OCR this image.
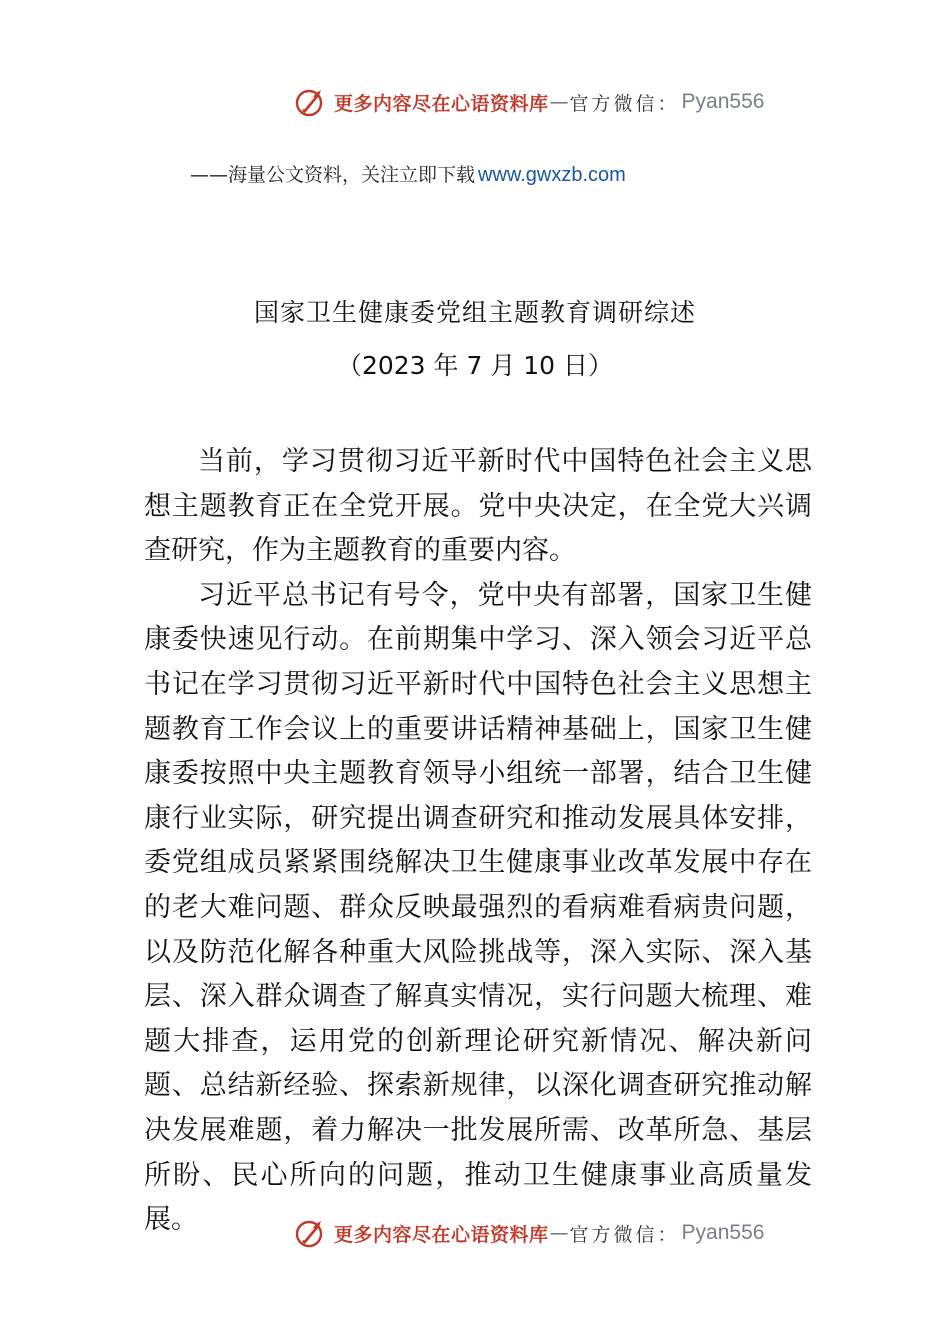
更多内容尽在心语资料库 — 官方微信： Pyan556
——海量公文资料，关注立即下载 www.gwxzb.com
国家卫生健康委党组主题教育调研综述
（2023 年 7 月 10 日）

当前，学习贯彻习近平新时代中国特色社会主义思想主题教育正在全党开展。党中央决定，在全党大兴调查研究，作为主题教育的重要内容。

习近平总书记有号令，党中央有部署，国家卫生健康委快速见行动。在前期集中学习、深入领会习近平总书记在学习贯彻习近平新时代中国特色社会主义思想主题教育工作会议上的重要讲话精神基础上，国家卫生健康委按照中央主题教育领导小组统一部署，结合卫生健康行业实际，研究提出调查研究和推动发展具体安排，委党组成员紧紧围绕解决卫生健康事业改革发展中存在的老大难问题、群众反映最强烈的看病难看病贵问题，以及防范化解各种重大风险挑战等，深入实际、深入基层、深入群众调查了解真实情况，实行问题大梳理、难题大排查，运用党的创新理论研究新情况、解决新问题、总结新经验、探索新规律，以深化调查研究推动解决发展难题，着力解决一批发展所需、改革所急、基层所盼、民心所向的问题，推动卫生健康事业高质量发展。	更多内容尽在心语资料库 — 官方微信： Pyan556
